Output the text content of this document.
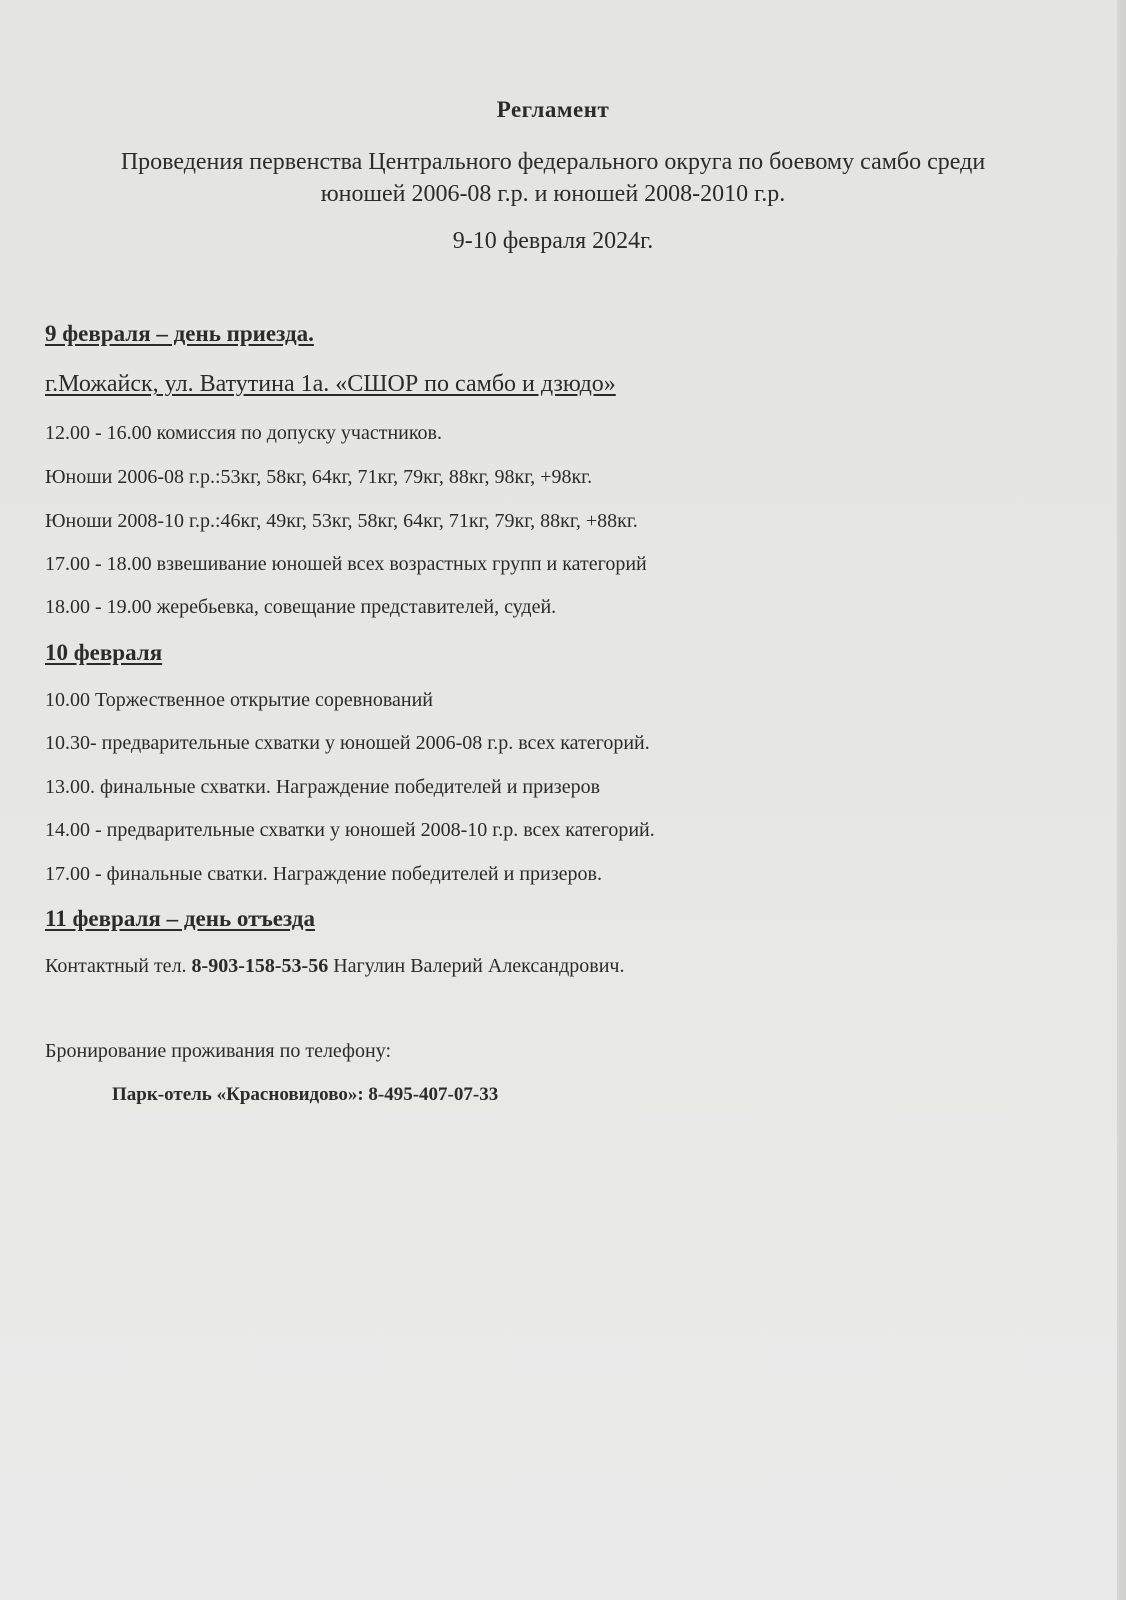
Регламент
Проведения первенства Центрального федерального округа по боевому самбо среди
юношей 2006-08 г.р. и юношей 2008-2010 г.р.
9-10 февраля 2024г.
9 февраля – день приезда.
г.Можайск, ул. Ватутина 1а. «СШОР по самбо и дзюдо»
12.00 - 16.00 комиссия по допуску участников.
Юноши 2006-08 г.р.:53кг, 58кг, 64кг, 71кг, 79кг, 88кг, 98кг, +98кг.
Юноши 2008-10 г.р.:46кг, 49кг, 53кг, 58кг, 64кг, 71кг, 79кг, 88кг, +88кг.
17.00 - 18.00 взвешивание юношей всех возрастных групп и категорий
18.00 - 19.00 жеребьевка, совещание представителей, судей.
10 февраля
10.00 Торжественное открытие соревнований
10.30- предварительные схватки у юношей 2006-08 г.р. всех категорий.
13.00. финальные схватки. Награждение победителей и призеров
14.00 - предварительные схватки у юношей 2008-10 г.р. всех категорий.
17.00 - финальные сватки. Награждение победителей и призеров.
11 февраля – день отъезда
Контактный тел. 8-903-158-53-56 Нагулин Валерий Александрович.
Бронирование проживания по телефону:
Парк-отель «Красновидово»: 8-495-407-07-33
